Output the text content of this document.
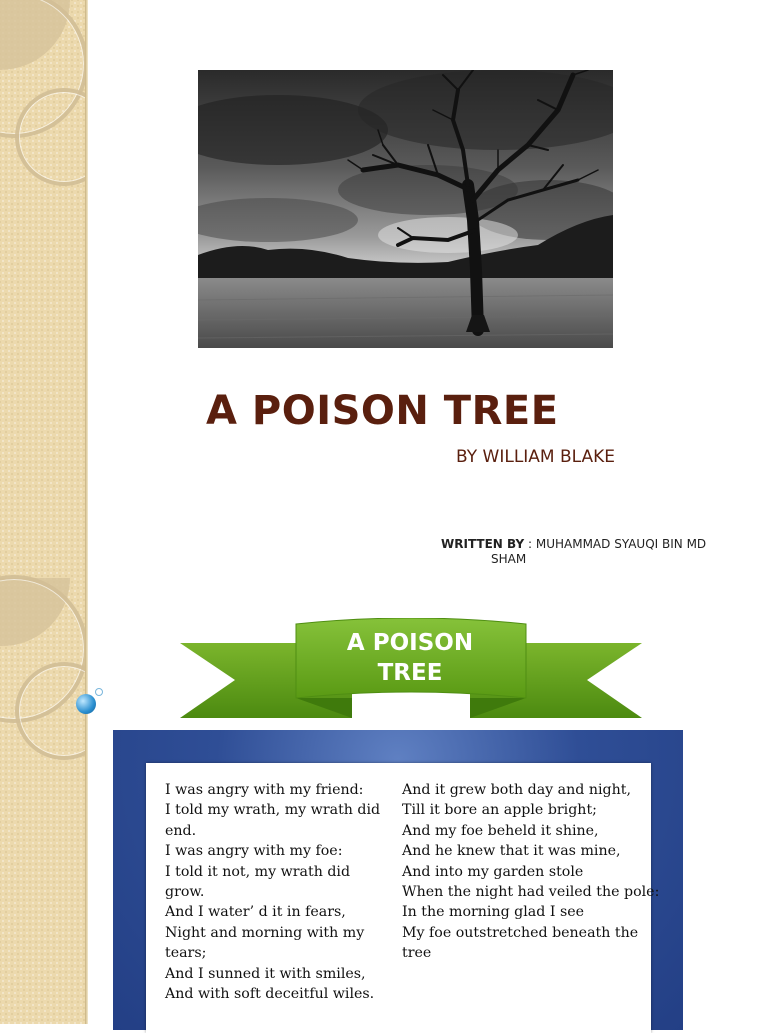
A POISON TREE
BY WILLIAM BLAKE
WRITTEN BY : MUHAMMAD SYAUQI BIN MD
SHAM
A POISON
TREE
I was angry with my friend:
I told my wrath, my wrath did
end.
I was angry with my foe:
I told it not, my wrath did
grow.
And I water’ d it in fears,
Night and morning with my
tears;
And I sunned it with smiles,
And with soft deceitful wiles.
And it grew both day and night,
Till it bore an apple bright;
And my foe beheld it shine,
And he knew that it was mine,
And into my garden stole
When the night had veiled the pole:
In the morning glad I see
My foe outstretched beneath the
tree
